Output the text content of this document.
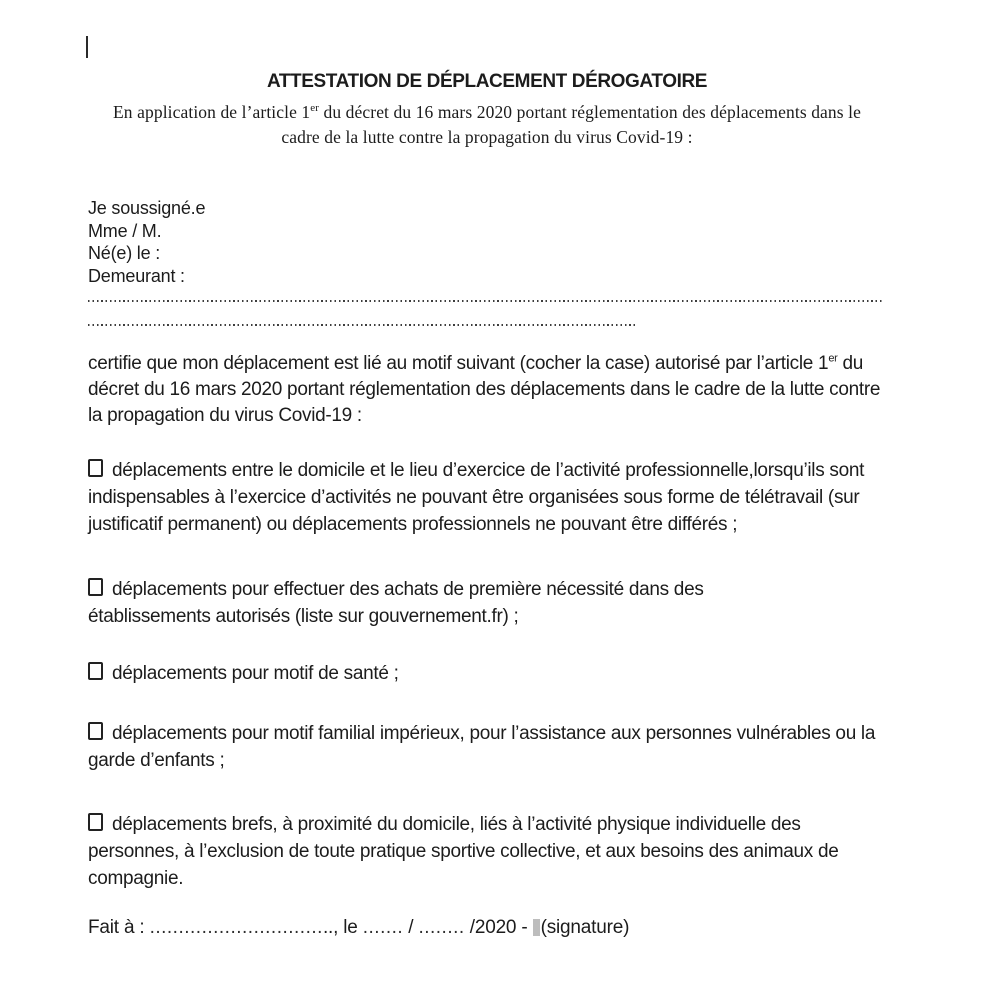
ATTESTATION DE DÉPLACEMENT DÉROGATOIRE
En application de l’article 1er du décret du 16 mars 2020 portant réglementation des déplacements dans le cadre de la lutte contre la propagation du virus Covid-19 :
Je soussigné.e
Mme / M.
Né(e) le :
Demeurant :

certifie que mon déplacement est lié au motif suivant (cocher la case) autorisé par l’article 1er du décret du 16 mars 2020 portant réglementation des déplacements dans le cadre de la lutte contre la propagation du virus Covid-19 :

déplacements entre le domicile et le lieu d’exercice de l’activité professionnelle,lorsqu’ils sont indispensables à l’exercice d’activités ne pouvant être organisées sous forme de télétravail (sur justificatif permanent) ou déplacements professionnels ne pouvant être différés ;
déplacements pour effectuer des achats de première nécessité dans des établissements autorisés (liste sur gouvernement.fr) ;
déplacements pour motif de santé ;
déplacements pour motif familial impérieux, pour l’assistance aux personnes vulnérables ou la garde d’enfants ;
déplacements brefs, à proximité du domicile, liés à l’activité physique individuelle des personnes, à l’exclusion de toute pratique sportive collective, et aux besoins des animaux de compagnie.
Fait à : ................................, le ....... / ........ /2020 - (signature)
